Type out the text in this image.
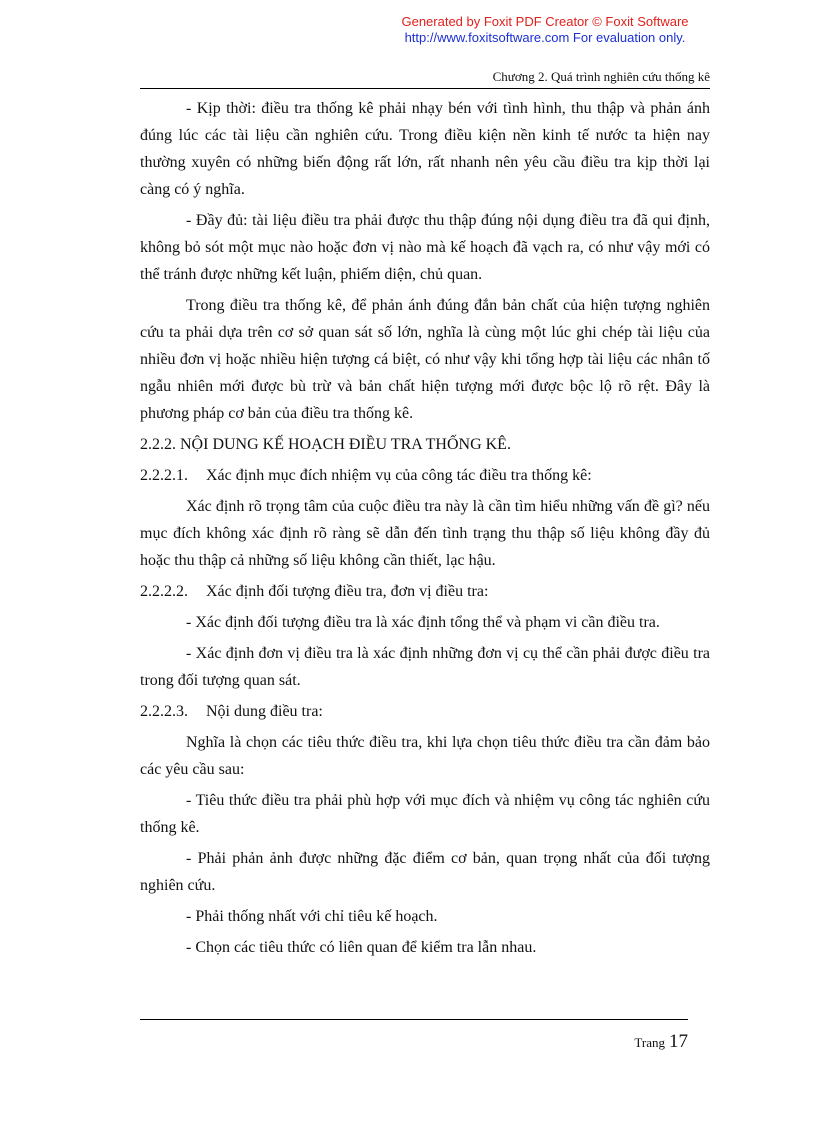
Generated by Foxit PDF Creator © Foxit Software
http://www.foxitsoftware.com For evaluation only.
Chương 2. Quá trình nghiên cứu thống kê

- Kịp thời: điều tra thống kê phải nhạy bén với tình hình, thu thập và phản ánh đúng lúc các tài liệu cần nghiên cứu. Trong điều kiện nền kinh tế nước ta hiện nay thường xuyên có những biến động rất lớn, rất nhanh nên yêu cầu điều tra kịp thời lại càng có ý nghĩa.

- Đầy đủ: tài liệu điều tra phải được thu thập đúng nội dụng điều tra đã qui định, không bỏ sót một mục nào hoặc đơn vị nào mà kế hoạch đã vạch ra, có như vậy mới có thể tránh được những kết luận, phiếm diện, chủ quan.

Trong điều tra thống kê, để phản ánh đúng đắn bản chất của hiện tượng nghiên cứu ta phải dựa trên cơ sở quan sát số lớn, nghĩa là cùng một lúc ghi chép tài liệu của nhiều đơn vị hoặc nhiều hiện tượng cá biệt, có như vậy khi tổng hợp tài liệu các nhân tố ngẫu nhiên mới được bù trừ và bản chất hiện tượng mới được bộc lộ rõ rệt. Đây là phương pháp cơ bản của điều tra thống kê.

2.2.2. NỘI DUNG KẾ HOẠCH ĐIỀU TRA THỐNG KÊ.

2.2.2.1. Xác định mục đích nhiệm vụ của công tác điều tra thống kê:

Xác định rõ trọng tâm của cuộc điều tra này là cần tìm hiểu những vấn đề gì? nếu mục đích không xác định rõ ràng sẽ dẫn đến tình trạng thu thập số liệu không đầy đủ hoặc thu thập cả những số liệu không cần thiết, lạc hậu.

2.2.2.2. Xác định đối tượng điều tra, đơn vị điều tra:

- Xác định đối tượng điều tra là xác định tổng thể và phạm vi cần điều tra.

- Xác định đơn vị điều tra là xác định những đơn vị cụ thể cần phải được điều tra trong đối tượng quan sát.

2.2.2.3. Nội dung điều tra:

Nghĩa là chọn các tiêu thức điều tra, khi lựa chọn tiêu thức điều tra cần đảm bảo các yêu cầu sau:

- Tiêu thức điều tra phải phù hợp với mục đích và nhiệm vụ công tác nghiên cứu thống kê.

- Phải phản ảnh được những đặc điểm cơ bản, quan trọng nhất của đối tượng nghiên cứu.

- Phải thống nhất với chỉ tiêu kế hoạch.

- Chọn các tiêu thức có liên quan để kiểm tra lẫn nhau.

Trang 17
